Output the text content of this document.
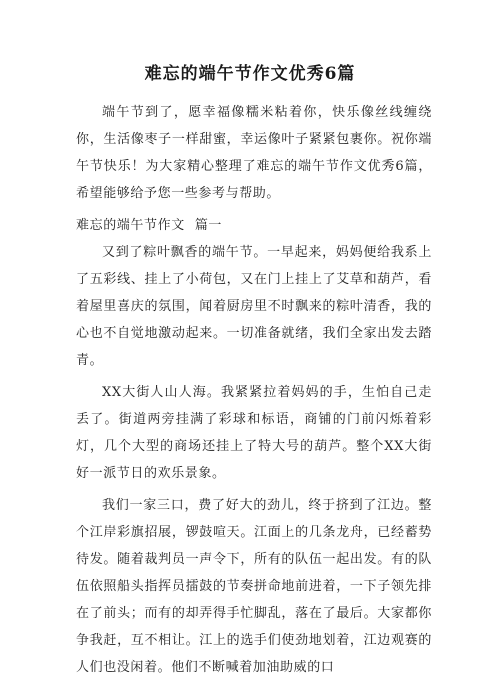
难忘的端午节作文优秀6篇

端午节到了，愿幸福像糯米粘着你，快乐像丝线缠绕你，生活像枣子一样甜蜜，幸运像叶子紧紧包裹你。祝你端午节快乐！为大家精心整理了难忘的端午节作文优秀6篇，希望能够给予您一些参考与帮助。

难忘的端午节作文 篇一

又到了粽叶飘香的端午节。一早起来，妈妈便给我系上了五彩线、挂上了小荷包，又在门上挂上了艾草和葫芦，看着屋里喜庆的氛围，闻着厨房里不时飘来的粽叶清香，我的心也不自觉地激动起来。一切准备就绪，我们全家出发去踏青。

XX大街人山人海。我紧紧拉着妈妈的手，生怕自己走丢了。街道两旁挂满了彩球和标语，商铺的门前闪烁着彩灯，几个大型的商场还挂上了特大号的葫芦。整个XX大街好一派节日的欢乐景象。

我们一家三口，费了好大的劲儿，终于挤到了江边。整个江岸彩旗招展，锣鼓喧天。江面上的几条龙舟，已经蓄势待发。随着裁判员一声令下，所有的队伍一起出发。有的队伍依照船头指挥员擂鼓的节奏拼命地前进着，一下子领先排在了前头；而有的却弄得手忙脚乱，落在了最后。大家都你争我赶，互不相让。江上的选手们使劲地划着，江边观赛的人们也没闲着。他们不断喊着加油助威的口
